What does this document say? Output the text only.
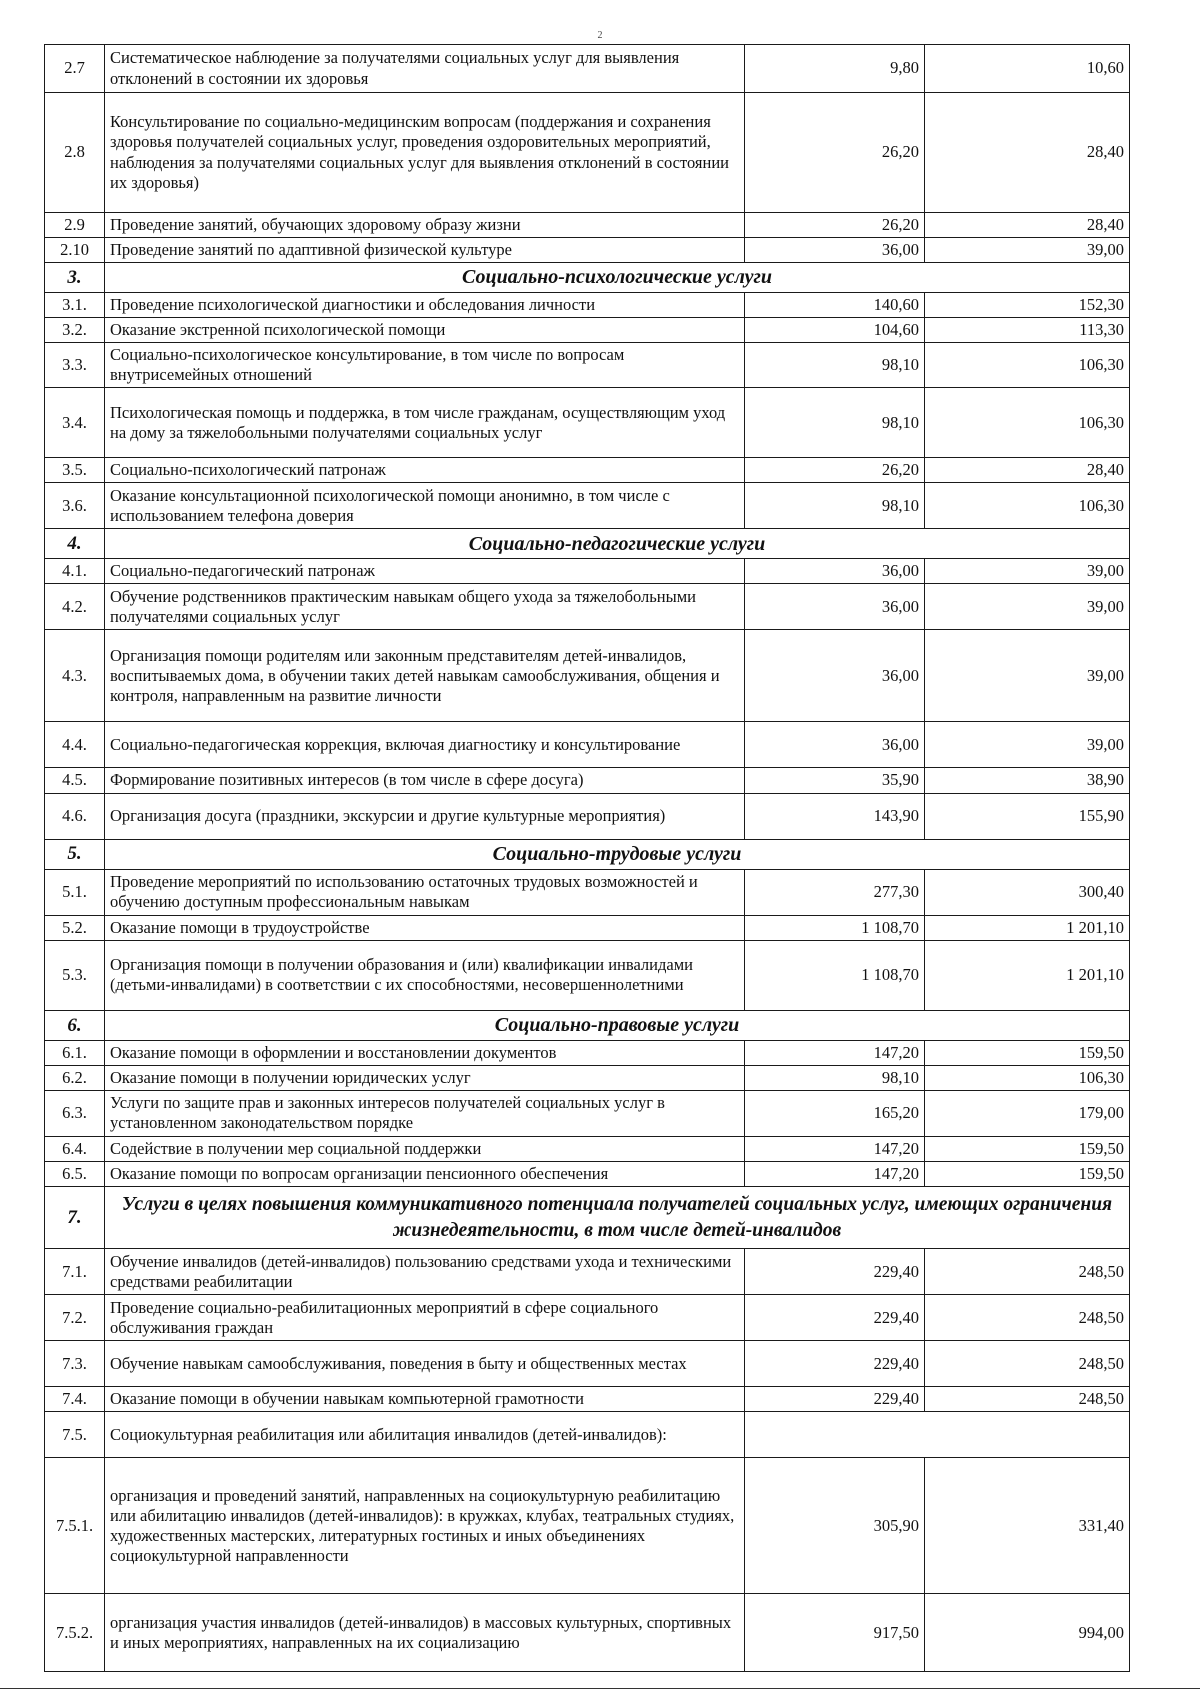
2
2.7	Систематическое наблюдение за получателями социальных услуг для выявления отклонений в состоянии их здоровья	9,80	10,60
2.8	Консультирование по социально-медицинским вопросам (поддержания и сохранения здоровья получателей социальных услуг, проведения оздоровительных мероприятий, наблюдения за получателями социальных услуг для выявления отклонений в состоянии их здоровья)	26,20	28,40
2.9	Проведение занятий, обучающих здоровому образу жизни	26,20	28,40
2.10	Проведение занятий по адаптивной физической культуре	36,00	39,00
3.	Социально-психологические услуги		
3.1.	Проведение психологической диагностики и обследования личности	140,60	152,30
3.2.	Оказание экстренной психологической помощи	104,60	113,30
3.3.	Социально-психологическое консультирование, в том числе по вопросам внутрисемейных отношений	98,10	106,30
3.4.	Психологическая помощь и поддержка, в том числе гражданам, осуществляющим уход на дому за тяжелобольными получателями социальных услуг	98,10	106,30
3.5.	Социально-психологический патронаж	26,20	28,40
3.6.	Оказание консультационной психологической помощи анонимно, в том числе с использованием телефона доверия	98,10	106,30
4.	Социально-педагогические услуги		
4.1.	Социально-педагогический патронаж	36,00	39,00
4.2.	Обучение родственников практическим навыкам общего ухода за тяжелобольными получателями социальных услуг	36,00	39,00
4.3.	Организация помощи родителям или законным представителям детей-инвалидов, воспитываемых дома, в обучении таких детей навыкам самообслуживания, общения и контроля, направленным на развитие личности	36,00	39,00
4.4.	Социально-педагогическая коррекция, включая диагностику и консультирование	36,00	39,00
4.5.	Формирование позитивных интересов (в том числе в сфере досуга)	35,90	38,90
4.6.	Организация досуга (праздники, экскурсии и другие культурные мероприятия)	143,90	155,90
5.	Социально-трудовые услуги		
5.1.	Проведение мероприятий по использованию остаточных трудовых возможностей и обучению доступным профессиональным навыкам	277,30	300,40
5.2.	Оказание помощи в трудоустройстве	1 108,70	1 201,10
5.3.	Организация помощи в получении образования и (или) квалификации инвалидами (детьми-инвалидами) в соответствии с их способностями, несовершеннолетними	1 108,70	1 201,10
6.	Социально-правовые услуги		
6.1.	Оказание помощи в оформлении и восстановлении документов	147,20	159,50
6.2.	Оказание помощи в получении юридических услуг	98,10	106,30
6.3.	Услуги по защите прав и законных интересов получателей социальных услуг в установленном законодательством порядке	165,20	179,00
6.4.	Содействие в получении мер социальной поддержки	147,20	159,50
6.5.	Оказание помощи по вопросам организации пенсионного обеспечения	147,20	159,50
7.	Услуги в целях повышения коммуникативного потенциала получателей социальных услуг, имеющих ограничения жизнедеятельности, в том числе детей-инвалидов		
7.1.	Обучение инвалидов (детей-инвалидов) пользованию средствами ухода и техническими средствами реабилитации	229,40	248,50
7.2.	Проведение социально-реабилитационных мероприятий в сфере социального обслуживания граждан	229,40	248,50
7.3.	Обучение навыкам самообслуживания, поведения в быту и общественных местах	229,40	248,50
7.4.	Оказание помощи в обучении навыкам компьютерной грамотности	229,40	248,50
7.5.	Социокультурная реабилитация или абилитация инвалидов (детей-инвалидов):		
7.5.1.	организация и проведений занятий, направленных на социокультурную реабилитацию или абилитацию инвалидов (детей-инвалидов): в кружках, клубах, театральных студиях, художественных мастерских, литературных гостиных и иных объединениях социокультурной направленности	305,90	331,40
7.5.2.	организация участия инвалидов (детей-инвалидов) в массовых культурных, спортивных и иных мероприятиях, направленных на их социализацию	917,50	994,00
